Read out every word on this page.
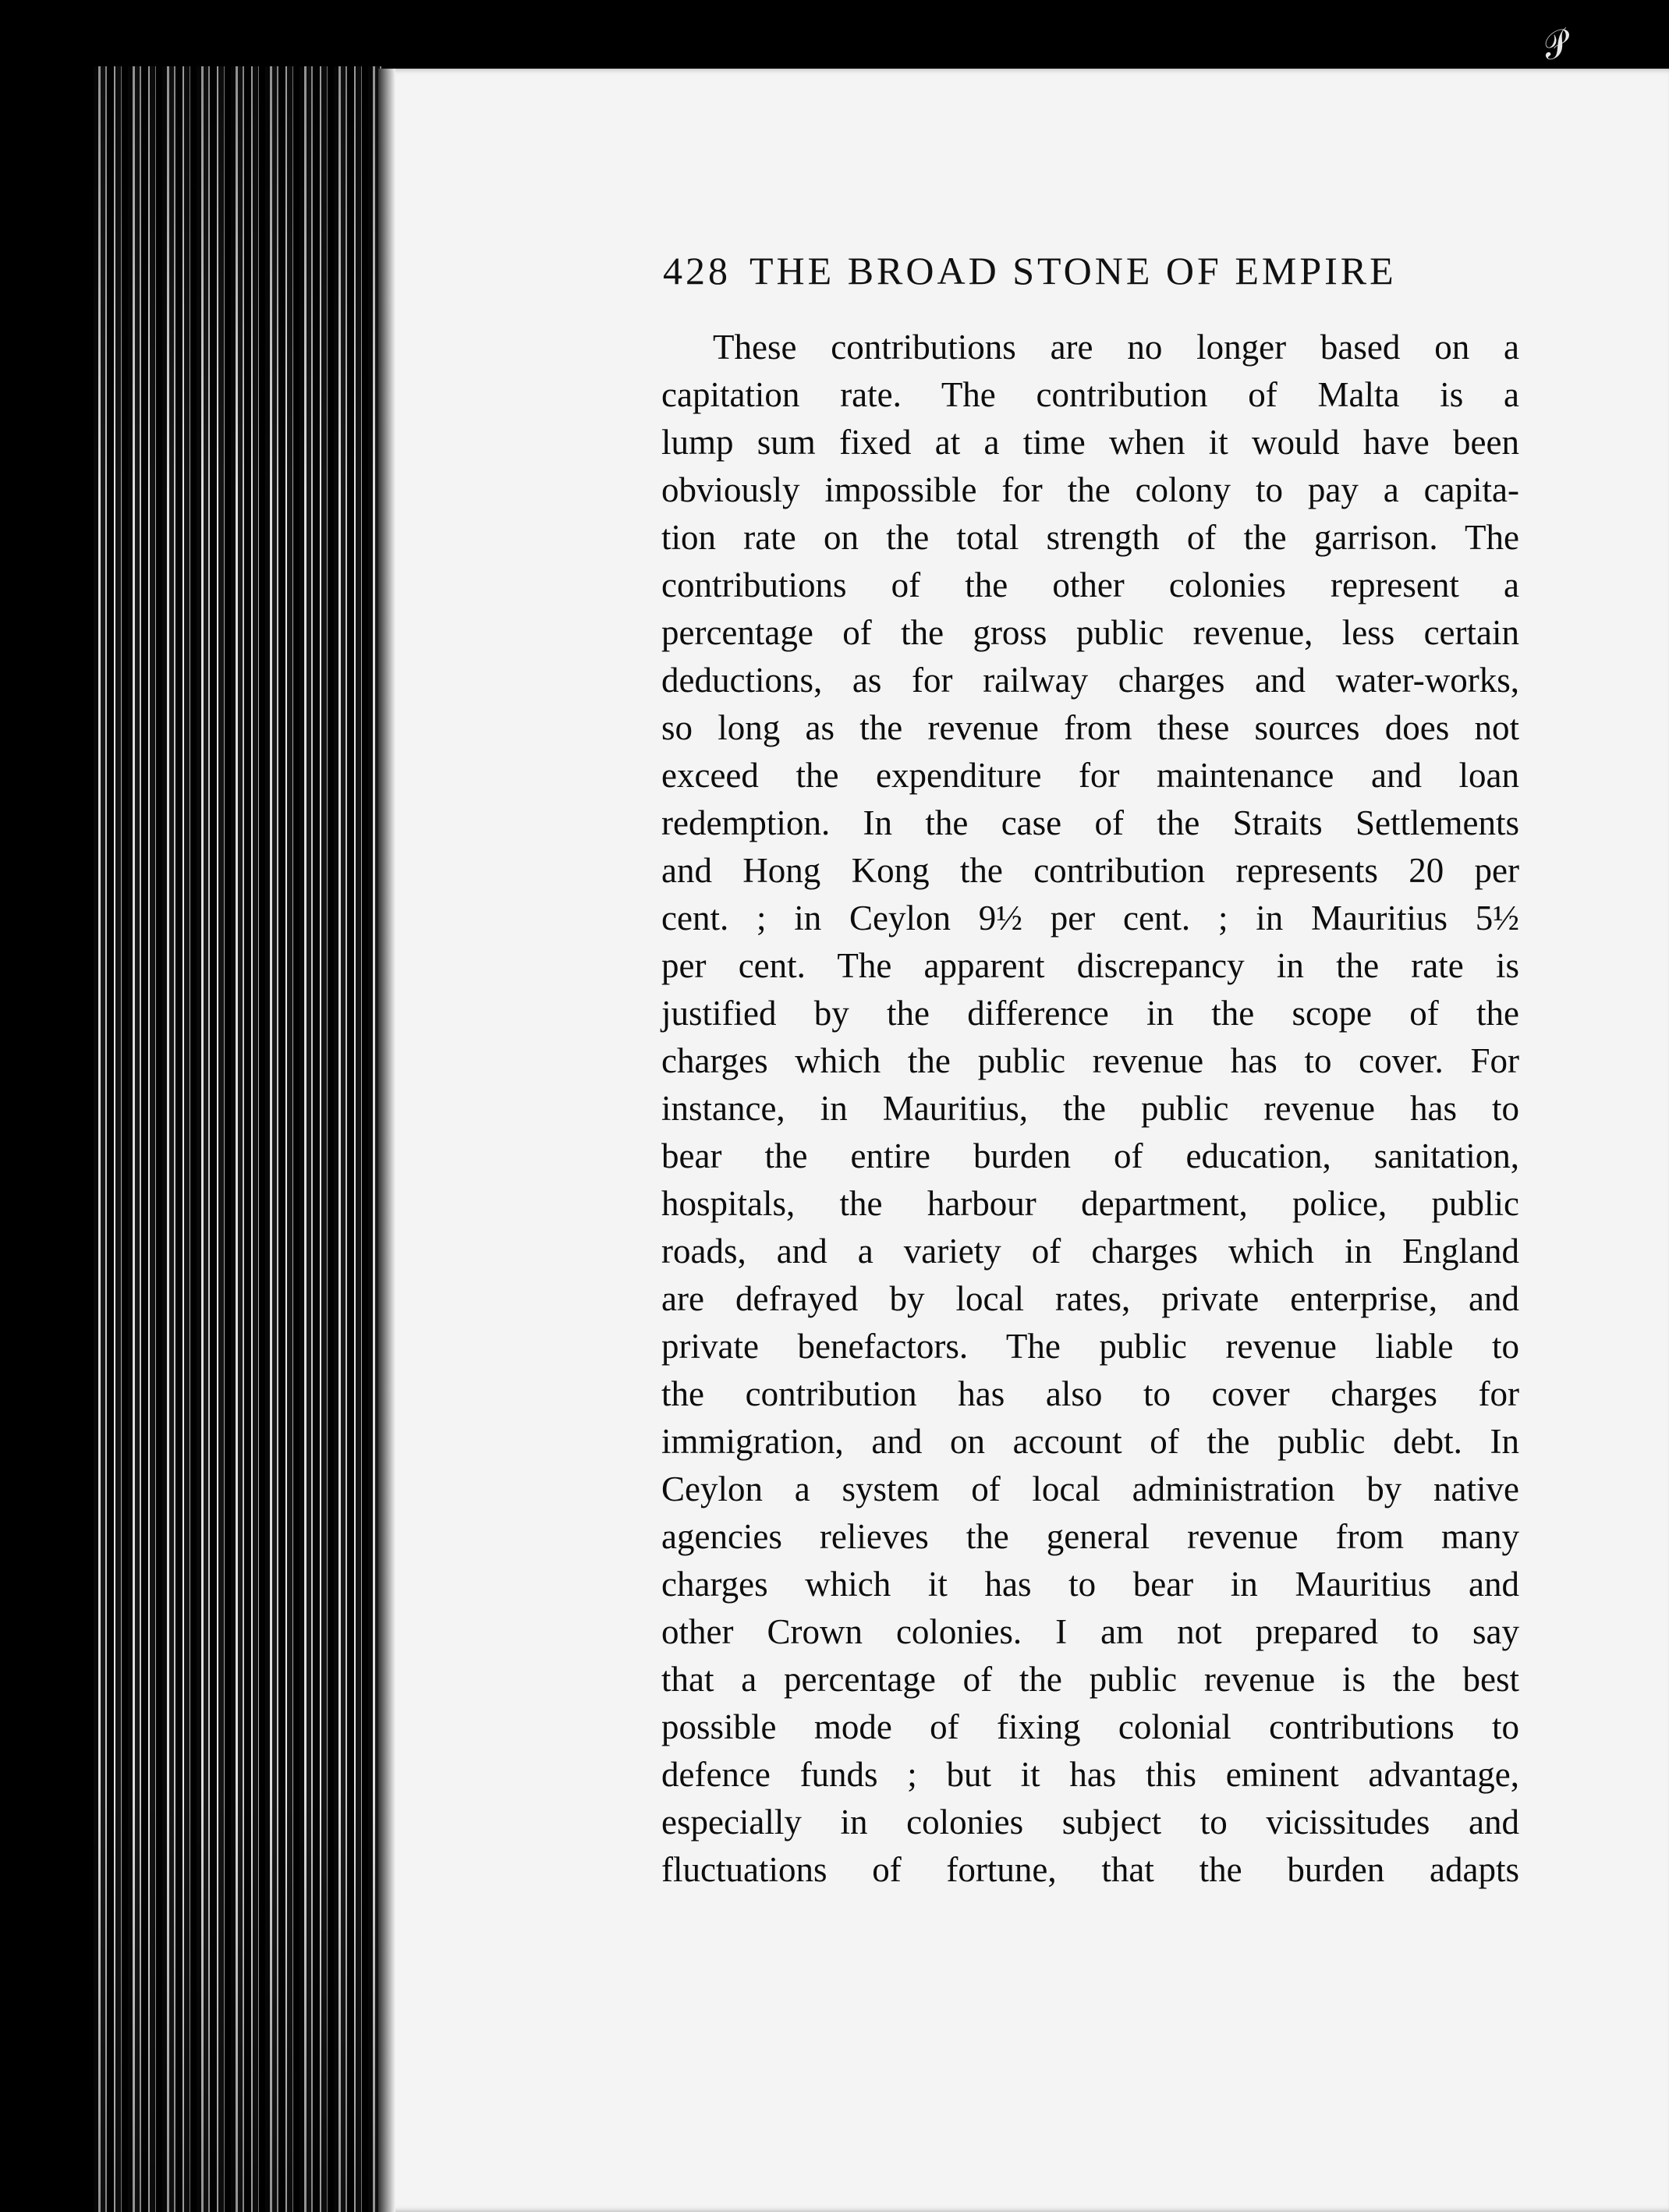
𝒫
428 THE BROAD STONE OF EMPIRE
These contributions are no longer based on a
capitation rate. The contribution of Malta is a
lump sum fixed at a time when it would have been
obviously impossible for the colony to pay a capita-
tion rate on the total strength of the garrison. The
contributions of the other colonies represent a
percentage of the gross public revenue, less certain
deductions, as for railway charges and water-works,
so long as the revenue from these sources does not
exceed the expenditure for maintenance and loan
redemption. In the case of the Straits Settlements
and Hong Kong the contribution represents 20 per
cent. ; in Ceylon 9½ per cent. ; in Mauritius 5½
per cent. The apparent discrepancy in the rate is
justified by the difference in the scope of the
charges which the public revenue has to cover. For
instance, in Mauritius, the public revenue has to
bear the entire burden of education, sanitation,
hospitals, the harbour department, police, public
roads, and a variety of charges which in England
are defrayed by local rates, private enterprise, and
private benefactors. The public revenue liable to
the contribution has also to cover charges for
immigration, and on account of the public debt. In
Ceylon a system of local administration by native
agencies relieves the general revenue from many
charges which it has to bear in Mauritius and
other Crown colonies. I am not prepared to say
that a percentage of the public revenue is the best
possible mode of fixing colonial contributions to
defence funds ; but it has this eminent advantage,
especially in colonies subject to vicissitudes and
fluctuations of fortune, that the burden adapts
